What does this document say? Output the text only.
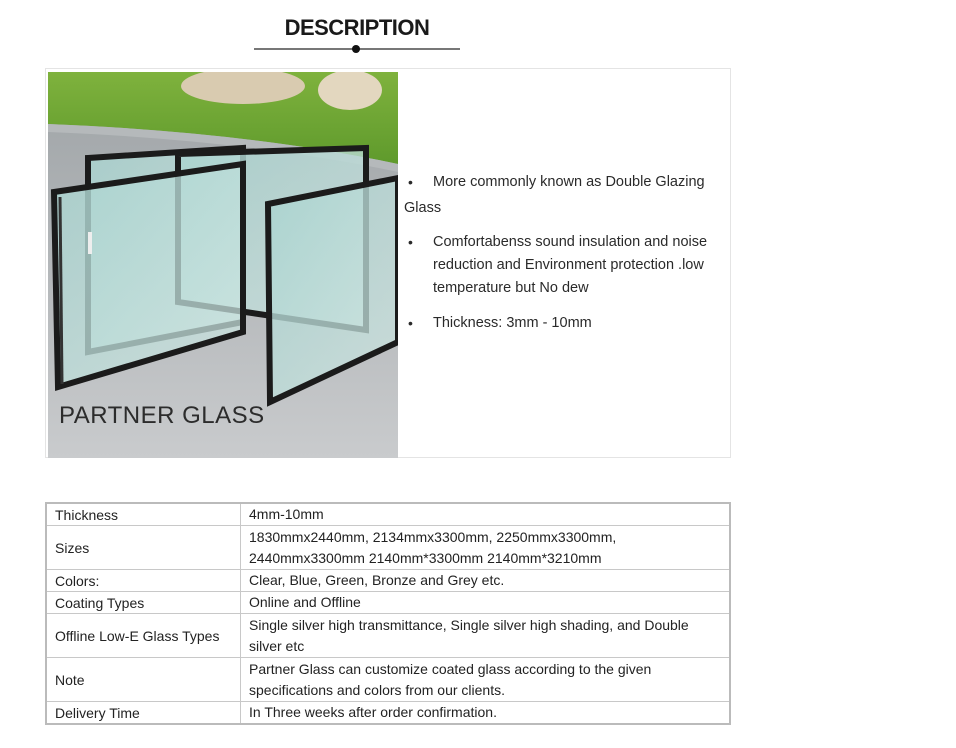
DESCRIPTION
PARTNER GLASS
• More commonly known as Double Glazing Glass
• Comfortabenss sound insulation and noise reduction and Environment protection .low temperature but No dew
• Thickness: 3mm - 10mm
Thickness	4mm-10mm
Sizes	1830mmx2440mm, 2134mmx3300mm, 2250mmx3300mm, 2440mmx3300mm 2140mm*3300mm 2140mm*3210mm
Colors:	Clear, Blue, Green, Bronze and Grey etc.
Coating Types	Online and Offline
Offline Low-E Glass Types	Single silver high transmittance, Single silver high shading, and Double silver etc
Note	Partner Glass can customize coated glass according to the given specifications and colors from our clients.
Delivery Time	In Three weeks after order confirmation.
